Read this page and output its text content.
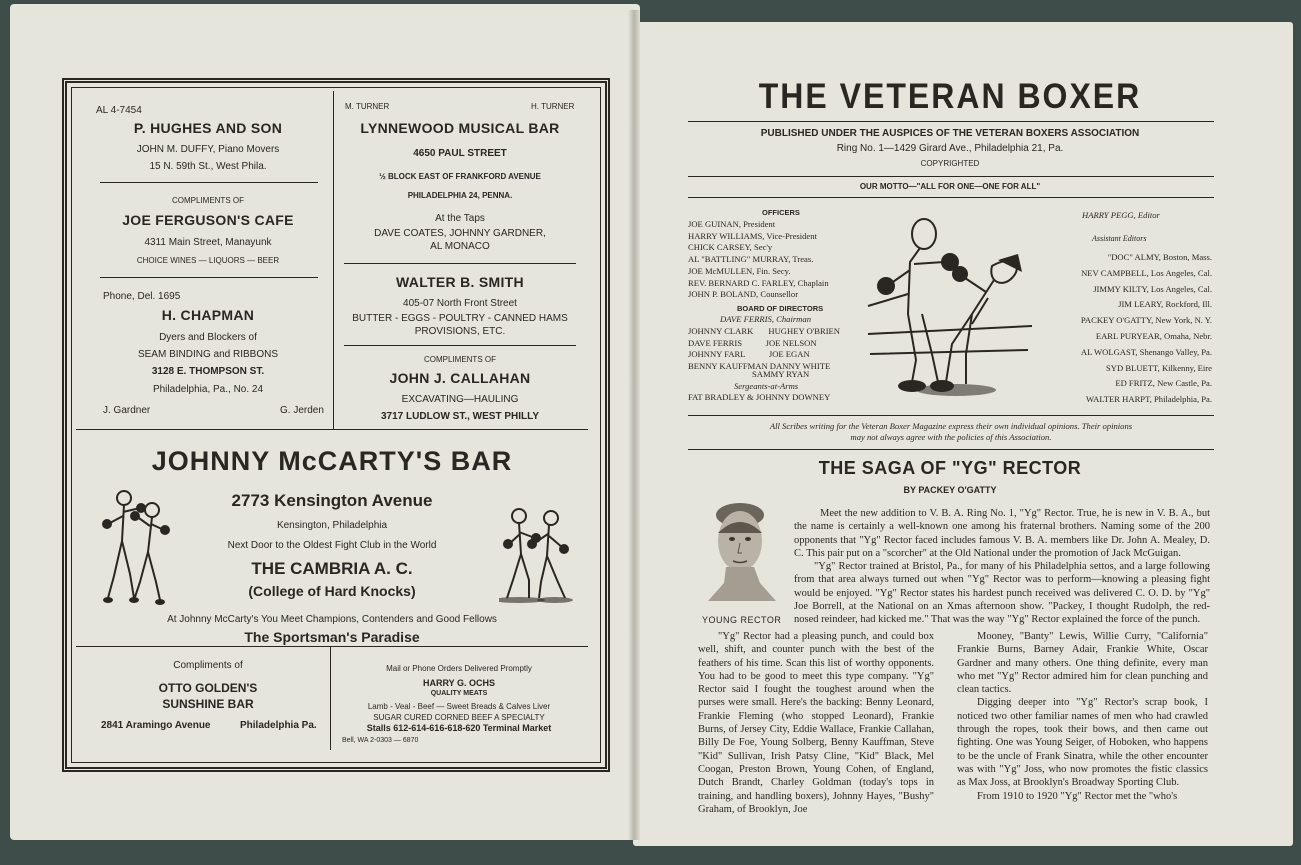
AL 4-7454
P. HUGHES AND SON
JOHN M. DUFFY, Piano Movers
15 N. 59th St., West Phila.
COMPLIMENTS OF
JOE FERGUSON'S CAFE
4311 Main Street, Manayunk
CHOICE WINES — LIQUORS — BEER
Phone, Del. 1695
H. CHAPMAN
Dyers and Blockers of
SEAM BINDING and RIBBONS
3128 E. THOMPSON ST.
Philadelphia, Pa., No. 24
J. Gardner	G. Jerden
M. TURNER	H. TURNER
LYNNEWOOD MUSICAL BAR
4650 PAUL STREET
½ BLOCK EAST OF FRANKFORD AVENUE
PHILADELPHIA 24, PENNA.
At the Taps
DAVE COATES, JOHNNY GARDNER,
AL MONACO
WALTER B. SMITH
405-07 North Front Street
BUTTER - EGGS - POULTRY - CANNED HAMS
PROVISIONS, ETC.
COMPLIMENTS OF
JOHN J. CALLAHAN
EXCAVATING—HAULING
3717 LUDLOW ST., WEST PHILLY
JOHNNY McCARTY'S BAR
2773 Kensington Avenue
Kensington, Philadelphia
Next Door to the Oldest Fight Club in the World
THE CAMBRIA A. C.
(College of Hard Knocks)
At Johnny McCarty's You Meet Champions, Contenders and Good Fellows
The Sportsman's Paradise
Compliments of
OTTO GOLDEN'S
SUNSHINE BAR
2841 Aramingo Avenue	Philadelphia Pa.
Mail or Phone Orders Delivered Promptly
HARRY G. OCHS
QUALITY MEATS
Lamb - Veal - Beef — Sweet Breads & Calves Liver
SUGAR CURED CORNED BEEF A SPECIALTY
Stalls 612-614-616-618-620 Terminal Market
Bell, WA 2-0303 — 6870
THE VETERAN BOXER
PUBLISHED UNDER THE AUSPICES OF THE VETERAN BOXERS ASSOCIATION
Ring No. 1—1429 Girard Ave., Philadelphia 21, Pa.
COPYRIGHTED
OUR MOTTO—"ALL FOR ONE—ONE FOR ALL"
OFFICERS
JOE GUINAN, President
HARRY WILLIAMS, Vice-President
CHICK CARSEY, Sec'y
AL "BATTLING" MURRAY, Treas.
JOE McMULLEN, Fin. Secy.
REV. BERNARD C. FARLEY, Chaplain
JOHN P. BOLAND, Counsellor
BOARD OF DIRECTORS
DAVE FERRIS, Chairman
JOHNNY CLARK       HUGHEY O'BRIEN
DAVE FERRIS           JOE NELSON
JOHNNY FARL           JOE EGAN
BENNY KAUFFMAN DANNY WHITE
SAMMY RYAN
Sergeants-at-Arms
FAT BRADLEY & JOHNNY DOWNEY
HARRY PEGG, Editor
Assistant Editors
"DOC" ALMY, Boston, Mass.
NEV CAMPBELL, Los Angeles, Cal.
JIMMY KILTY, Los Angeles, Cal.
JIM LEARY, Rockford, Ill.
PACKEY O'GATTY, New York, N. Y.
EARL PURYEAR, Omaha, Nebr.
AL WOLGAST, Shenango Valley, Pa.
SYD BLUETT, Kilkenny, Eire
ED FRITZ, New Castle, Pa.
WALTER HARPT, Philadelphia, Pa.
All Scribes writing for the Veteran Boxer Magazine express their own individual opinions. Their opinions
may not always agree with the policies of this Association.
THE SAGA OF "YG" RECTOR
BY PACKEY O'GATTY
YOUNG RECTOR
Meet the new addition to V. B. A. Ring No. 1, "Yg" Rector. True, he is new in V. B. A., but the name is certainly a well-known one among his fraternal brothers. Naming some of the 200 opponents that "Yg" Rector faced includes famous V. B. A. members like Dr. John A. Mealey, D. C. This pair put on a "scorcher" at the Old National under the promotion of Jack McGuigan.
"Yg" Rector trained at Bristol, Pa., for many of his Philadelphia settos, and a large following from that area always turned out when "Yg" Rector was to perform—knowing a pleasing fight would be enjoyed. "Yg" Rector states his hardest punch received was delivered C. O. D. by "Yg" Joe Borrell, at the National on an Xmas afternoon show. "Packey, I thought Rudolph, the red-nosed reindeer, had kicked me." That was the way "Yg" Rector explained the force of the punch.
"Yg" Rector had a pleasing punch, and could box well, shift, and counter punch with the best of the feathers of his time. Scan this list of worthy opponents. You had to be good to meet this type company. "Yg" Rector said I fought the toughest around when the purses were small. Here's the backing: Benny Leonard, Frankie Fleming (who stopped Leonard), Frankie Burns, of Jersey City, Eddie Wallace, Frankie Callahan, Billy De Foe, Young Solberg, Benny Kauffman, Steve "Kid" Sullivan, Irish Patsy Cline, "Kid" Black, Mel Coogan, Preston Brown, Young Cohen, of England, Dutch Brandt, Charley Goldman (today's tops in training, and handling boxers), Johnny Hayes, "Bushy" Graham, of Brooklyn, Joe
Mooney, "Banty" Lewis, Willie Curry, "California" Frankie Burns, Barney Adair, Frankie White, Oscar Gardner and many others. One thing definite, every man who met "Yg" Rector admired him for clean punching and clean tactics.
Digging deeper into "Yg" Rector's scrap book, I noticed two other familiar names of men who had crawled through the ropes, took their bows, and then came out fighting. One was Young Seiger, of Hoboken, who happens to be the uncle of Frank Sinatra, while the other encounter was with "Yg" Joss, who now promotes the fistic classics as Max Joss, at Brooklyn's Broadway Sporting Club.
From 1910 to 1920 "Yg" Rector met the "who's
